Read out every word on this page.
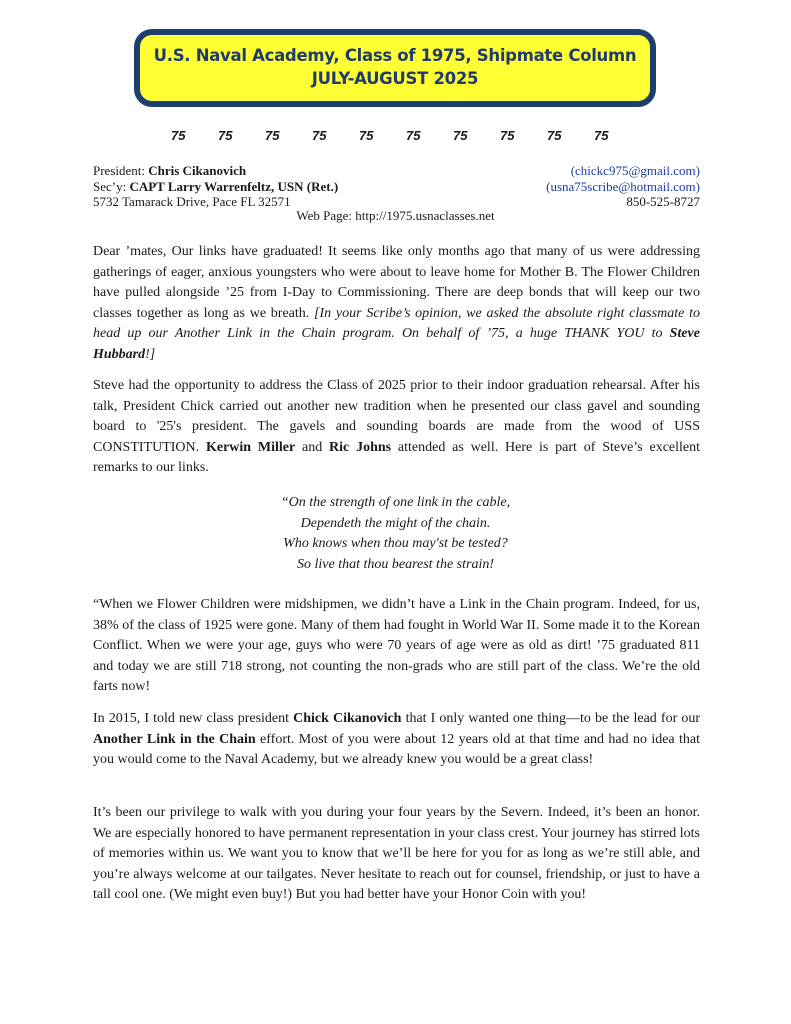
U.S. Naval Academy, Class of 1975, Shipmate Column
JULY-AUGUST 2025
75	75	75	75	75	75	75	75	75	75
President: Chris Cikanovich	(chickc975@gmail.com)
Sec’y: CAPT Larry Warrenfeltz, USN (Ret.)	(usna75scribe@hotmail.com)
5732 Tamarack Drive, Pace FL 32571	850-525-8727
Web Page: http://1975.usnaclasses.net
Dear ’mates, Our links have graduated! It seems like only months ago that many of us were addressing gatherings of eager, anxious youngsters who were about to leave home for Mother B. The Flower Children have pulled alongside ’25 from I-Day to Commissioning. There are deep bonds that will keep our two classes together as long as we breath. [In your Scribe’s opinion, we asked the absolute right classmate to head up our Another Link in the Chain program. On behalf of ’75, a huge THANK YOU to Steve Hubbard!]
Steve had the opportunity to address the Class of 2025 prior to their indoor graduation rehearsal. After his talk, President Chick carried out another new tradition when he presented our class gavel and sounding board to '25's president. The gavels and sounding boards are made from the wood of USS CONSTITUTION. Kerwin Miller and Ric Johns attended as well. Here is part of Steve’s excellent remarks to our links.
“On the strength of one link in the cable,
Dependeth the might of the chain.
Who knows when thou may'st be tested?
So live that thou bearest the strain!
“When we Flower Children were midshipmen, we didn’t have a Link in the Chain program. Indeed, for us, 38% of the class of 1925 were gone. Many of them had fought in World War II. Some made it to the Korean Conflict. When we were your age, guys who were 70 years of age were as old as dirt! ’75 graduated 811 and today we are still 718 strong, not counting the non-grads who are still part of the class. We’re the old farts now!
In 2015, I told new class president Chick Cikanovich that I only wanted one thing—to be the lead for our Another Link in the Chain effort. Most of you were about 12 years old at that time and had no idea that you would come to the Naval Academy, but we already knew you would be a great class!
It’s been our privilege to walk with you during your four years by the Severn. Indeed, it’s been an honor. We are especially honored to have permanent representation in your class crest. Your journey has stirred lots of memories within us. We want you to know that we’ll be here for you for as long as we’re still able, and you’re always welcome at our tailgates. Never hesitate to reach out for counsel, friendship, or just to have a tall cool one. (We might even buy!) But you had better have your Honor Coin with you!
